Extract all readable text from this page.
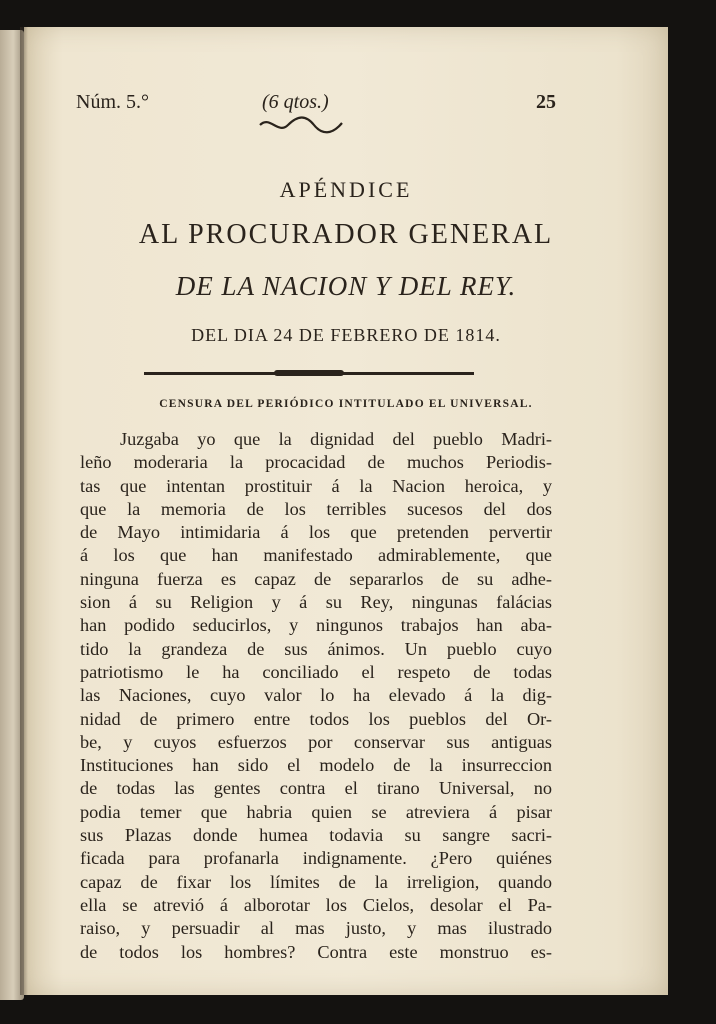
Núm. 5.°	(6 qtos.)	25
APÉNDICE
AL PROCURADOR GENERAL
DE LA NACION Y DEL REY.
DEL DIA 24 DE FEBRERO DE 1814.
CENSURA DEL PERIÓDICO INTITULADO EL UNIVERSAL.
Juzgaba yo que la dignidad del pueblo Madri-
leño moderaria la procacidad de muchos Periodis-
tas que intentan prostituir á la Nacion heroica, y
que la memoria de los terribles sucesos del dos
de Mayo intimidaria á los que pretenden pervertir
á los que han manifestado admirablemente, que
ninguna fuerza es capaz de separarlos de su adhe-
sion á su Religion y á su Rey, ningunas falácias
han podido seducirlos, y ningunos trabajos han aba-
tido la grandeza de sus ánimos. Un pueblo cuyo
patriotismo le ha conciliado el respeto de todas
las Naciones, cuyo valor lo ha elevado á la dig-
nidad de primero entre todos los pueblos del Or-
be, y cuyos esfuerzos por conservar sus antiguas
Instituciones han sido el modelo de la insurreccion
de todas las gentes contra el tirano Universal, no
podia temer que habria quien se atreviera á pisar
sus Plazas donde humea todavia su sangre sacri-
ficada para profanarla indignamente. ¿Pero quiénes
capaz de fixar los límites de la irreligion, quando
ella se atrevió á alborotar los Cielos, desolar el Pa-
raiso, y persuadir al mas justo, y mas ilustrado
de todos los hombres? Contra este monstruo es-
